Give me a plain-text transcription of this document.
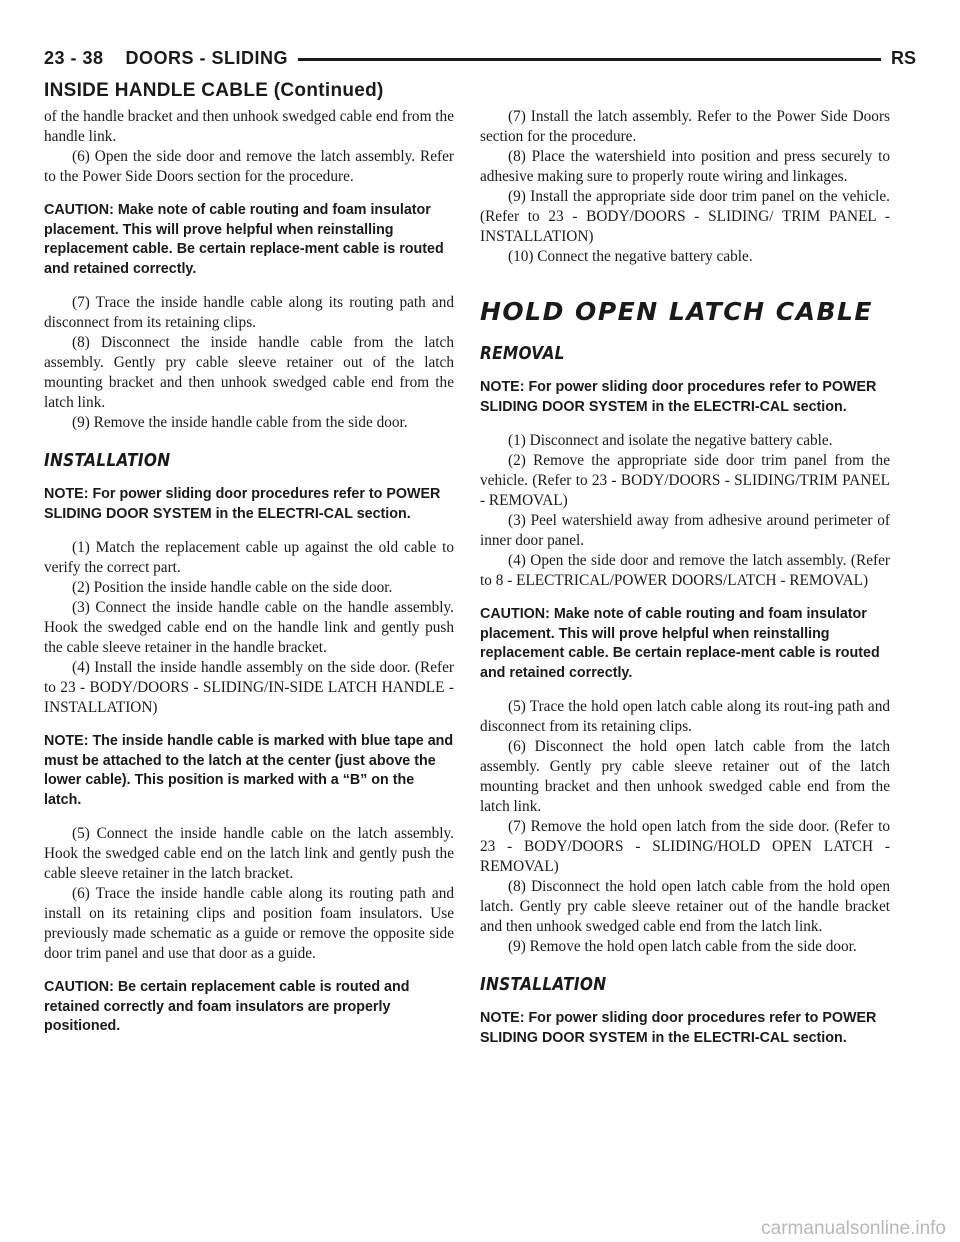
23 - 38    DOORS - SLIDING	RS
INSIDE HANDLE CABLE (Continued)

of the handle bracket and then unhook swedged cable end from the handle link.

(6) Open the side door and remove the latch assembly. Refer to the Power Side Doors section for the procedure.

CAUTION: Make note of cable routing and foam insulator placement. This will prove helpful when reinstalling replacement cable. Be certain replace-ment cable is routed and retained correctly.

(7) Trace the inside handle cable along its routing path and disconnect from its retaining clips.

(8) Disconnect the inside handle cable from the latch assembly. Gently pry cable sleeve retainer out of the latch mounting bracket and then unhook swedged cable end from the latch link.

(9) Remove the inside handle cable from the side door.

INSTALLATION
NOTE: For power sliding door procedures refer to POWER SLIDING DOOR SYSTEM in the ELECTRI-CAL section.

(1) Match the replacement cable up against the old cable to verify the correct part.

(2) Position the inside handle cable on the side door.

(3) Connect the inside handle cable on the handle assembly. Hook the swedged cable end on the handle link and gently push the cable sleeve retainer in the handle bracket.

(4) Install the inside handle assembly on the side door. (Refer to 23 - BODY/DOORS - SLIDING/IN-SIDE LATCH HANDLE - INSTALLATION)

NOTE: The inside handle cable is marked with blue tape and must be attached to the latch at the center (just above the lower cable). This position is marked with a “B” on the latch.

(5) Connect the inside handle cable on the latch assembly. Hook the swedged cable end on the latch link and gently push the cable sleeve retainer in the latch bracket.

(6) Trace the inside handle cable along its routing path and install on its retaining clips and position foam insulators. Use previously made schematic as a guide or remove the opposite side door trim panel and use that door as a guide.

CAUTION: Be certain replacement cable is routed and retained correctly and foam insulators are properly positioned.

(7) Install the latch assembly. Refer to the Power Side Doors section for the procedure.

(8) Place the watershield into position and press securely to adhesive making sure to properly route wiring and linkages.

(9) Install the appropriate side door trim panel on the vehicle. (Refer to 23 - BODY/DOORS - SLIDING/ TRIM PANEL - INSTALLATION)

(10) Connect the negative battery cable.

HOLD OPEN LATCH CABLE
REMOVAL
NOTE: For power sliding door procedures refer to POWER SLIDING DOOR SYSTEM in the ELECTRI-CAL section.

(1) Disconnect and isolate the negative battery cable.

(2) Remove the appropriate side door trim panel from the vehicle. (Refer to 23 - BODY/DOORS - SLIDING/TRIM PANEL - REMOVAL)

(3) Peel watershield away from adhesive around perimeter of inner door panel.

(4) Open the side door and remove the latch assembly. (Refer to 8 - ELECTRICAL/POWER DOORS/LATCH - REMOVAL)

CAUTION: Make note of cable routing and foam insulator placement. This will prove helpful when reinstalling replacement cable. Be certain replace-ment cable is routed and retained correctly.

(5) Trace the hold open latch cable along its rout-ing path and disconnect from its retaining clips.

(6) Disconnect the hold open latch cable from the latch assembly. Gently pry cable sleeve retainer out of the latch mounting bracket and then unhook swedged cable end from the latch link.

(7) Remove the hold open latch from the side door. (Refer to 23 - BODY/DOORS - SLIDING/HOLD OPEN LATCH - REMOVAL)

(8) Disconnect the hold open latch cable from the hold open latch. Gently pry cable sleeve retainer out of the handle bracket and then unhook swedged cable end from the latch link.

(9) Remove the hold open latch cable from the side door.

INSTALLATION
NOTE: For power sliding door procedures refer to POWER SLIDING DOOR SYSTEM in the ELECTRI-CAL section.
carmanualsonline.info
